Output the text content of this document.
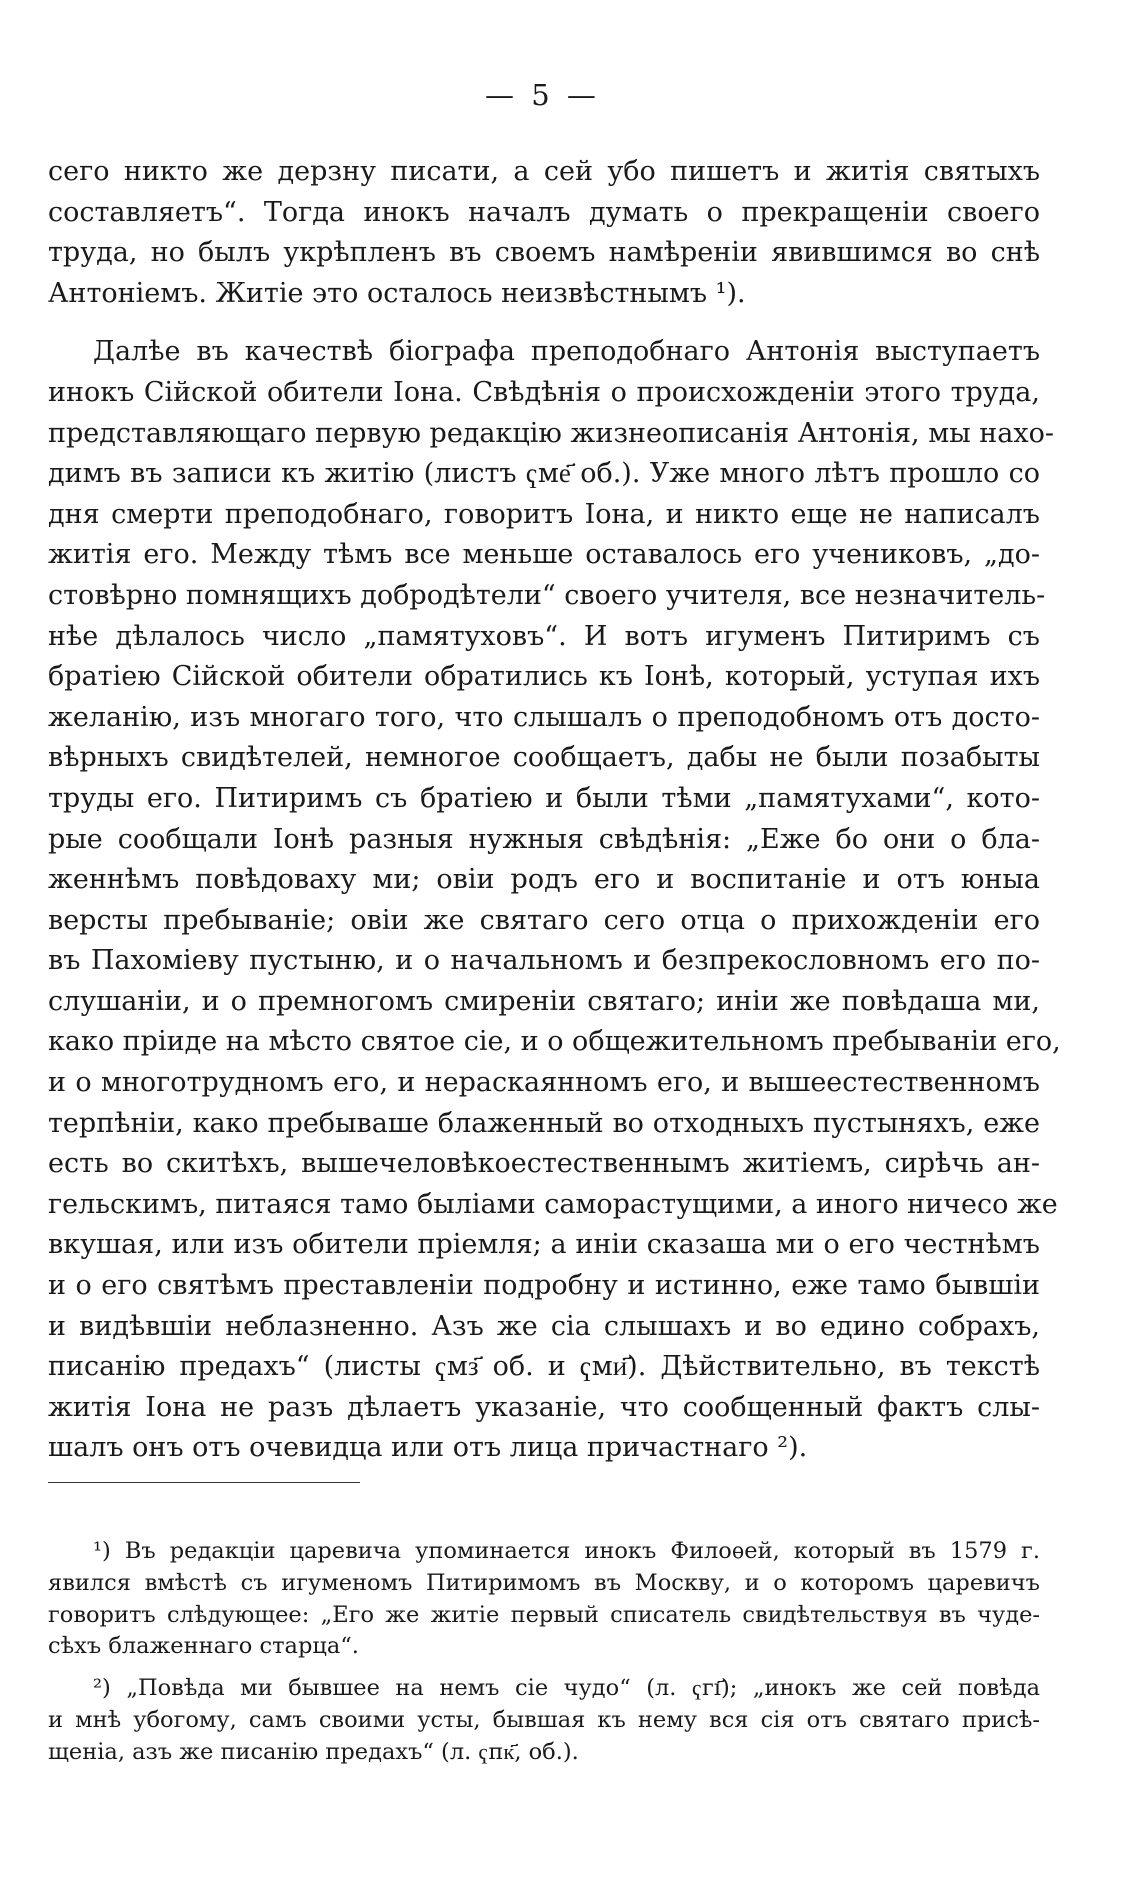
— 5 —
сего никто же дерзну писати, а сей убо пишетъ и житія святыхъ
составляетъ“. Тогда инокъ началъ думать о прекращеніи своего
труда, но былъ укрѣпленъ въ своемъ намѣреніи явившимся во снѣ
Антоніемъ. Житіе это осталось неизвѣстнымъ ¹).
Далѣе въ качествѣ біографа преподобнаго Антонія выступаетъ
инокъ Сійской обители Іона. Свѣдѣнія о происхожденіи этого труда,
представляющаго первую редакцію жизнеописанія Антонія, мы нахо-
димъ въ записи къ житію (листъ ҁме҃ об.). Уже много лѣтъ прошло со
дня смерти преподобнаго, говоритъ Іона, и никто еще не написалъ
житія его. Между тѣмъ все меньше оставалось его учениковъ, „до-
стовѣрно помнящихъ добродѣтели“ своего учителя, все незначитель-
нѣе дѣлалось число „памятуховъ“. И вотъ игуменъ Питиримъ съ
братіею Сійской обители обратились къ Іонѣ, который, уступая ихъ
желанію, изъ многаго того, что слышалъ о преподобномъ отъ досто-
вѣрныхъ свидѣтелей, немногое сообщаетъ, дабы не были позабыты
труды его. Питиримъ съ братіею и были тѣми „памятухами“, кото-
рые сообщали Іонѣ разныя нужныя свѣдѣнія: „Еже бо они о бла-
женнѣмъ повѣдоваху ми; овіи родъ его и воспитаніе и отъ юныа
версты пребываніе; овіи же святаго сего отца о прихожденіи его
въ Пахоміеву пустыню, и о начальномъ и безпрекословномъ его по-
слушаніи, и о премногомъ смиреніи святаго; иніи же повѣдаша ми,
како пріиде на мѣсто святое сіе, и о общежительномъ пребываніи его,
и о многотрудномъ его, и нераскаянномъ его, и вышеестественномъ
терпѣніи, како пребываше блаженный во отходныхъ пустыняхъ, еже
есть во скитѣхъ, вышечеловѣкоестественнымъ житіемъ, сирѣчь ан-
гельскимъ, питаяся тамо быліами саморастущими, а иного ничесо же
вкушая, или изъ обители пріемля; а иніи сказаша ми о его честнѣмъ
и о его святѣмъ преставленіи подробну и истинно, еже тамо бывшіи
и видѣвшіи неблазненно. Азъ же сіа слышахъ и во едино собрахъ,
писанію предахъ“ (листы ҁмз҃ об. и ҁми҃). Дѣйствительно, въ текстѣ
житія Іона не разъ дѣлаетъ указаніе, что сообщенный фактъ слы-
шалъ онъ отъ очевидца или отъ лица причастнаго ²).
¹) Въ редакціи царевича упоминается инокъ Филоѳей, который въ 1579 г.
явился вмѣстѣ съ игуменомъ Питиримомъ въ Москву, и о которомъ царевичъ
говоритъ слѣдующее: „Его же житіе первый списатель свидѣтельствуя въ чуде-
сѣхъ блаженнаго старца“.
²) „Повѣда ми бывшее на немъ сіе чудо“ (л. ҁгı҃); „инокъ же сей повѣда
и мнѣ убогому, самъ своими усты, бывшая къ нему вся сія отъ святаго присѣ-
щеніа, азъ же писанію предахъ“ (л. ҁпк҃, об.).
